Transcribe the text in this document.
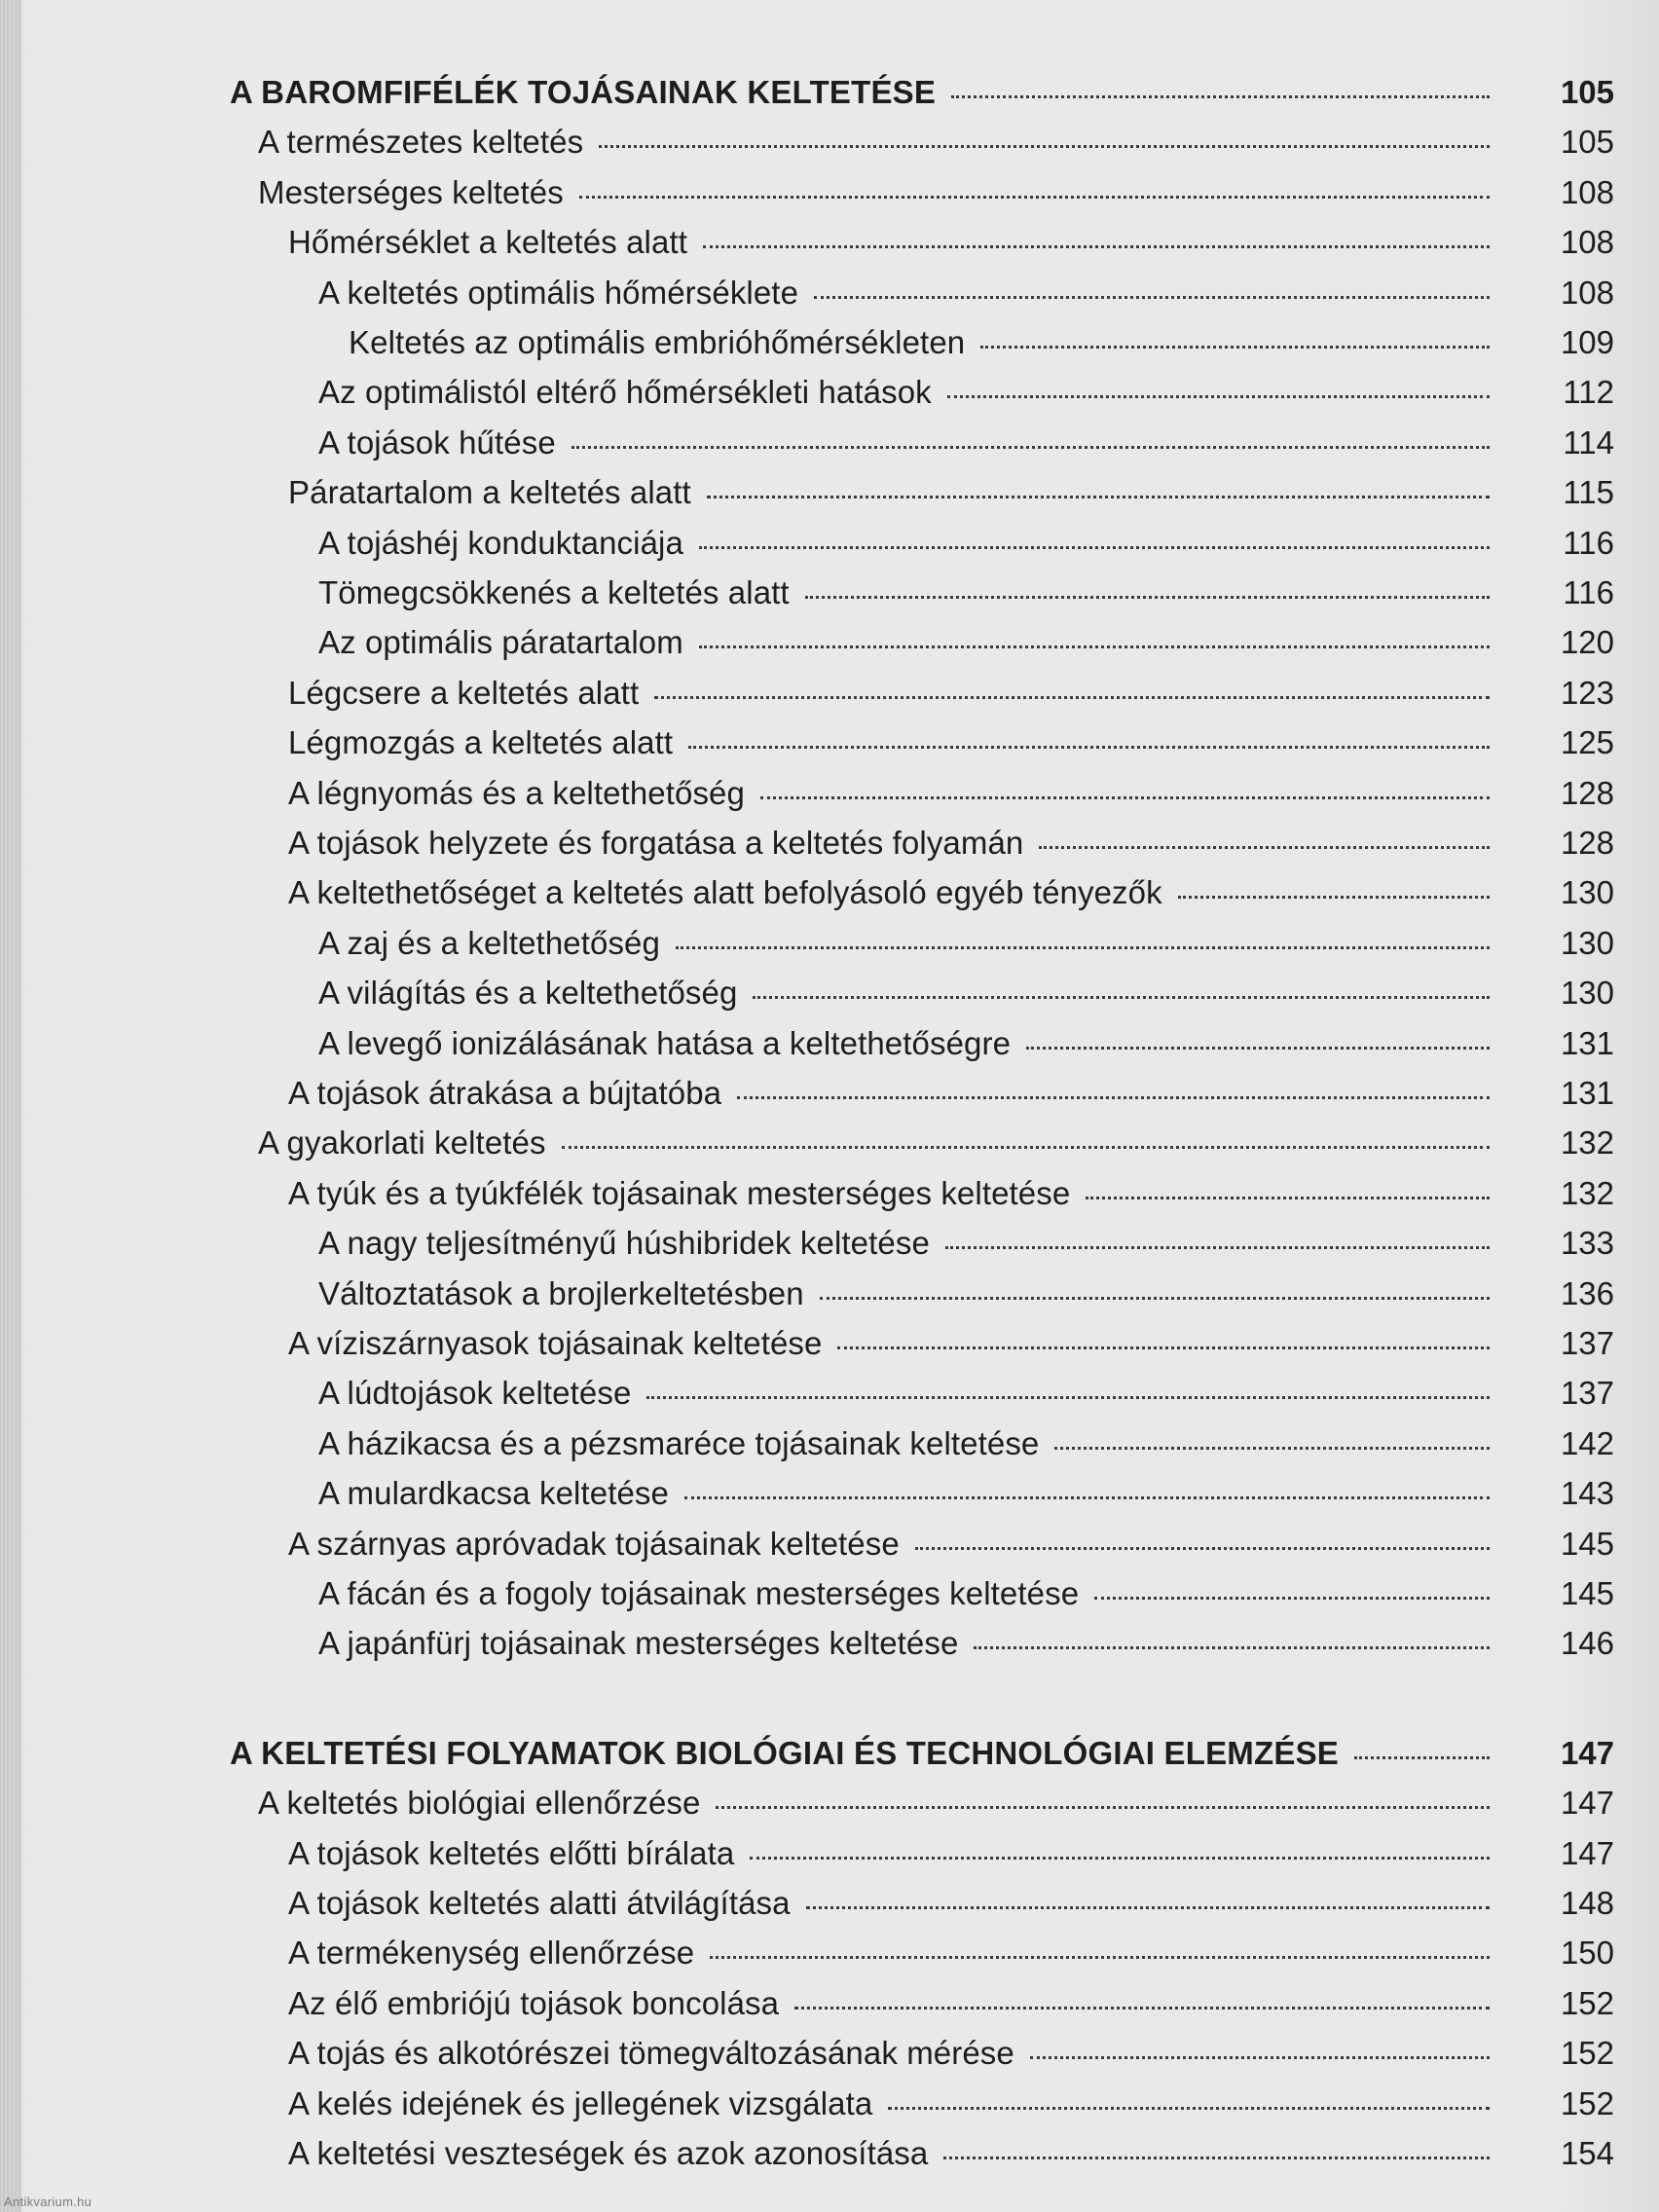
A BAROMFIFÉLÉK TOJÁSAINAK KELTETÉSE	105
A természetes keltetés	105
Mesterséges keltetés	108
Hőmérséklet a keltetés alatt	108
A keltetés optimális hőmérséklete	108
Keltetés az optimális embrióhőmérsékleten	109
Az optimálistól eltérő hőmérsékleti hatások	112
A tojások hűtése	114
Páratartalom a keltetés alatt	115
A tojáshéj konduktanciája	116
Tömegcsökkenés a keltetés alatt	116
Az optimális páratartalom	120
Légcsere a keltetés alatt	123
Légmozgás a keltetés alatt	125
A légnyomás és a keltethetőség	128
A tojások helyzete és forgatása a keltetés folyamán	128
A keltethetőséget a keltetés alatt befolyásoló egyéb tényezők	130
A zaj és a keltethetőség	130
A világítás és a keltethetőség	130
A levegő ionizálásának hatása a keltethetőségre	131
A tojások átrakása a bújtatóba	131
A gyakorlati keltetés	132
A tyúk és a tyúkfélék tojásainak mesterséges keltetése	132
A nagy teljesítményű húshibridek keltetése	133
Változtatások a brojlerkeltetésben	136
A víziszárnyasok tojásainak keltetése	137
A lúdtojások keltetése	137
A házikacsa és a pézsmaréce tojásainak keltetése	142
A mulardkacsa keltetése	143
A szárnyas apróvadak tojásainak keltetése	145
A fácán és a fogoly tojásainak mesterséges keltetése	145
A japánfürj tojásainak mesterséges keltetése	146
A KELTETÉSI FOLYAMATOK BIOLÓGIAI ÉS TECHNOLÓGIAI ELEMZÉSE	147
A keltetés biológiai ellenőrzése	147
A tojások keltetés előtti bírálata	147
A tojások keltetés alatti átvilágítása	148
A termékenység ellenőrzése	150
Az élő embriójú tojások boncolása	152
A tojás és alkotórészei tömegváltozásának mérése	152
A kelés idejének és jellegének vizsgálata	152
A keltetési veszteségek és azok azonosítása	154
Antikvarium.hu
